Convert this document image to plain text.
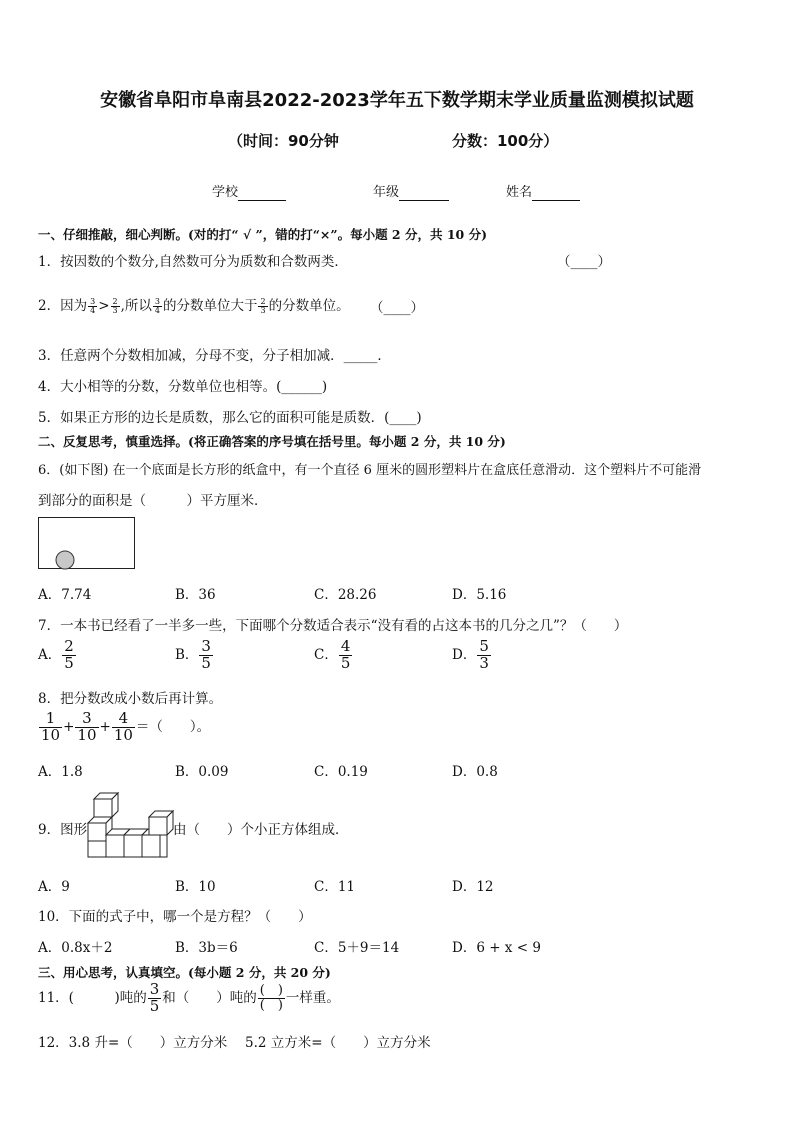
安徽省阜阳市阜南县2022-2023学年五下数学期末学业质量监测模拟试题
（时间：90分钟	分数：100分）
学校	年级	姓名
一、仔细推敲，细心判断。(对的打“ √ ”，错的打“×”。每小题 2 分，共 10 分)
1．按因数的个数分,自然数可分为质数和合数两类．	（____）
2．因为 $\frac{3}{4} > \frac{2}{3}$ ,所以 $\frac{3}{4}$ 的分数单位大于 $\frac{2}{3}$ 的分数单位。 （____）
3．任意两个分数相加减，分母不变，分子相加减．_____．
4．大小相等的分数，分数单位也相等。(______)
5．如果正方形的边长是质数，那么它的面积可能是质数．(____)
二、反复思考，慎重选择。(将正确答案的序号填在括号里。每小题 2 分，共 10 分)
6．(如下图) 在一个底面是长方形的纸盒中，有一个直径 6 厘米的圆形塑料片在盒底任意滑动．这个塑料片不可能滑
到部分的面积是（　　　）平方厘米．
A．7.74	B．36	C．28.26	D．5.16
7．一本书已经看了一半多一些，下面哪个分数适合表示“没有看的占这本书的几分之几”？（　　）
A． $\frac{2}{5}$	B． $\frac{3}{5}$	C． $\frac{4}{5}$	D． $\frac{5}{3}$
8．把分数改成小数后再计算。
$\frac{1}{10} + \frac{3}{10} + \frac{4}{10}$ ＝（　　）。
A．1.8	B．0.09	C．0.19	D．0.8
9．图形	由（　　）个小正方体组成．
A．9	B．10	C．11	D．12
10．下面的式子中，哪一个是方程？（　　）
A．0.8x＋2	B．3b＝6	C．5＋9＝14	D．6 + x < 9
三、用心思考，认真填空。(每小题 2 分，共 20 分)
11．(　　　)吨的 $\frac{3}{5}$ 和（　　）吨的 $\frac{( )}{( )}$ 一样重。
12．3.8 升=（　　）立方分米　 5.2 立方米=（　　）立方分米
